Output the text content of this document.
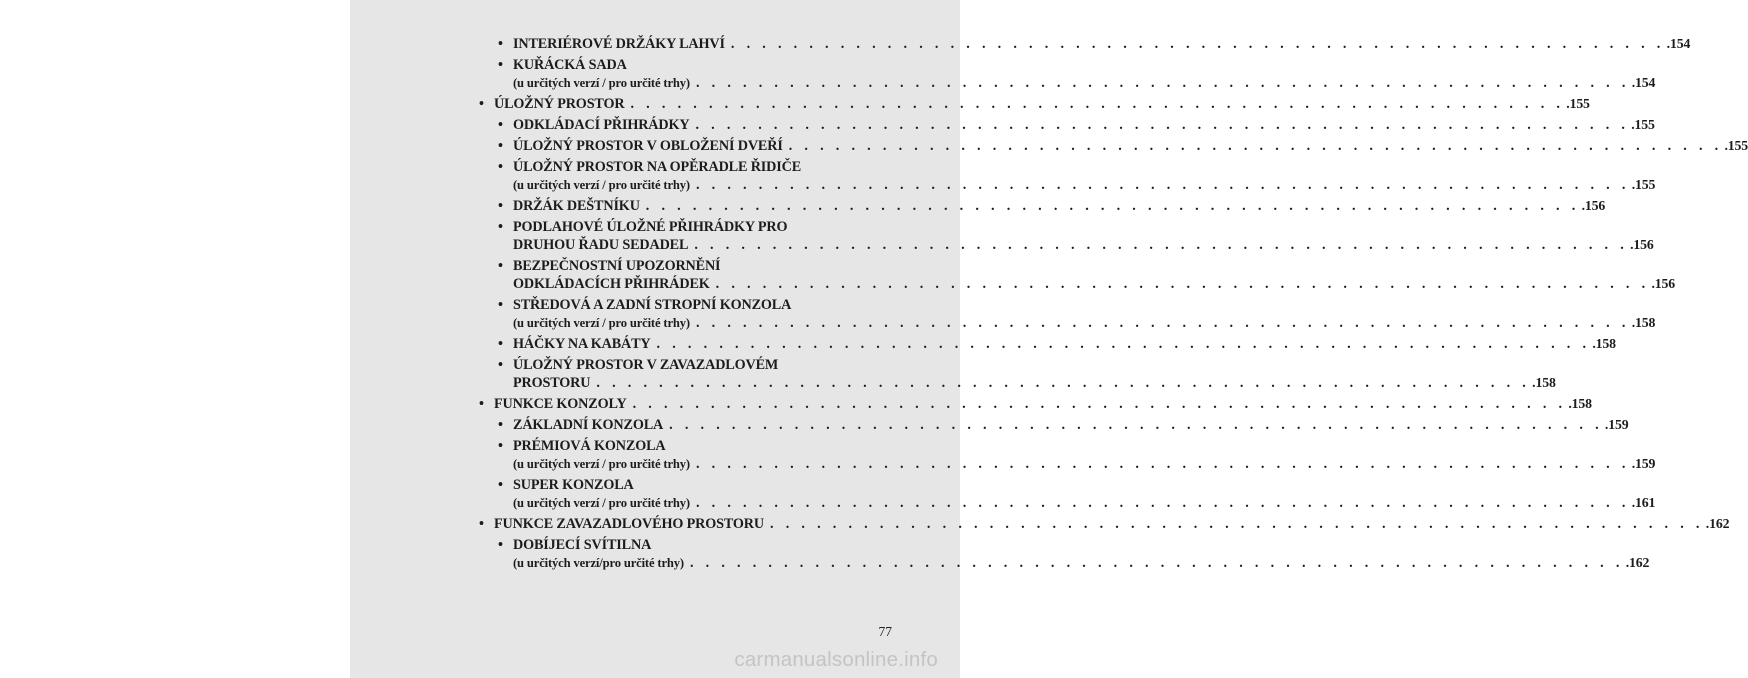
• INTERIÉROVÉ DRŽÁKY LAHVÍ . . . . . . . . . . . . . . . . . . . . . . . . . . . . . . . . . . . . . . . . . . . . . . . . . . . . . . . . . . . . .154
• KUŘÁCKÁ SADA
(u určitých verzí / pro určité trhy) . . . . . . . . . . . . . . . . . . . . . . . . . . . . . . . . . . . . . . . . . . . . . . . . . . . . . . . . . . . . .154
• ÚLOŽNÝ PROSTOR . . . . . . . . . . . . . . . . . . . . . . . . . . . . . . . . . . . . . . . . . . . . . . . . . . . . . . . . . . . . .155
• ODKLÁDACÍ PŘIHRÁDKY . . . . . . . . . . . . . . . . . . . . . . . . . . . . . . . . . . . . . . . . . . . . . . . . . . . . . . . . . . . . .155
• ÚLOŽNÝ PROSTOR V OBLOŽENÍ DVEŘÍ . . . . . . . . . . . . . . . . . . . . . . . . . . . . . . . . . . . . . . . . . . . . . . . . . . . . . . . . . . . . .155
• ÚLOŽNÝ PROSTOR NA OPĚRADLE ŘIDIČE
(u určitých verzí / pro určité trhy) . . . . . . . . . . . . . . . . . . . . . . . . . . . . . . . . . . . . . . . . . . . . . . . . . . . . . . . . . . . . .155
• DRŽÁK DEŠTNÍKU . . . . . . . . . . . . . . . . . . . . . . . . . . . . . . . . . . . . . . . . . . . . . . . . . . . . . . . . . . . . .156
• PODLAHOVÉ ÚLOŽNÉ PŘIHRÁDKY PRO
DRUHOU ŘADU SEDADEL . . . . . . . . . . . . . . . . . . . . . . . . . . . . . . . . . . . . . . . . . . . . . . . . . . . . . . . . . . . . .156
• BEZPEČNOSTNÍ UPOZORNĚNÍ
ODKLÁDACÍCH PŘIHRÁDEK . . . . . . . . . . . . . . . . . . . . . . . . . . . . . . . . . . . . . . . . . . . . . . . . . . . . . . . . . . . . .156
• STŘEDOVÁ A ZADNÍ STROPNÍ KONZOLA
(u určitých verzí / pro určité trhy) . . . . . . . . . . . . . . . . . . . . . . . . . . . . . . . . . . . . . . . . . . . . . . . . . . . . . . . . . . . . .158
• HÁČKY NA KABÁTY . . . . . . . . . . . . . . . . . . . . . . . . . . . . . . . . . . . . . . . . . . . . . . . . . . . . . . . . . . . . .158
• ÚLOŽNÝ PROSTOR V ZAVAZADLOVÉM
PROSTORU . . . . . . . . . . . . . . . . . . . . . . . . . . . . . . . . . . . . . . . . . . . . . . . . . . . . . . . . . . . . .158
• FUNKCE KONZOLY . . . . . . . . . . . . . . . . . . . . . . . . . . . . . . . . . . . . . . . . . . . . . . . . . . . . . . . . . . . . .158
• ZÁKLADNÍ KONZOLA . . . . . . . . . . . . . . . . . . . . . . . . . . . . . . . . . . . . . . . . . . . . . . . . . . . . . . . . . . . . .159
• PRÉMIOVÁ KONZOLA
(u určitých verzí / pro určité trhy) . . . . . . . . . . . . . . . . . . . . . . . . . . . . . . . . . . . . . . . . . . . . . . . . . . . . . . . . . . . . .159
• SUPER KONZOLA
(u určitých verzí / pro určité trhy) . . . . . . . . . . . . . . . . . . . . . . . . . . . . . . . . . . . . . . . . . . . . . . . . . . . . . . . . . . . . .161
• FUNKCE ZAVAZADLOVÉHO PROSTORU . . . . . . . . . . . . . . . . . . . . . . . . . . . . . . . . . . . . . . . . . . . . . . . . . . . . . . . . . . . . .162
• DOBÍJECÍ SVÍTILNA
(u určitých verzí/pro určité trhy) . . . . . . . . . . . . . . . . . . . . . . . . . . . . . . . . . . . . . . . . . . . . . . . . . . . . . . . . . . . . .162
77
carmanualsonline.info
